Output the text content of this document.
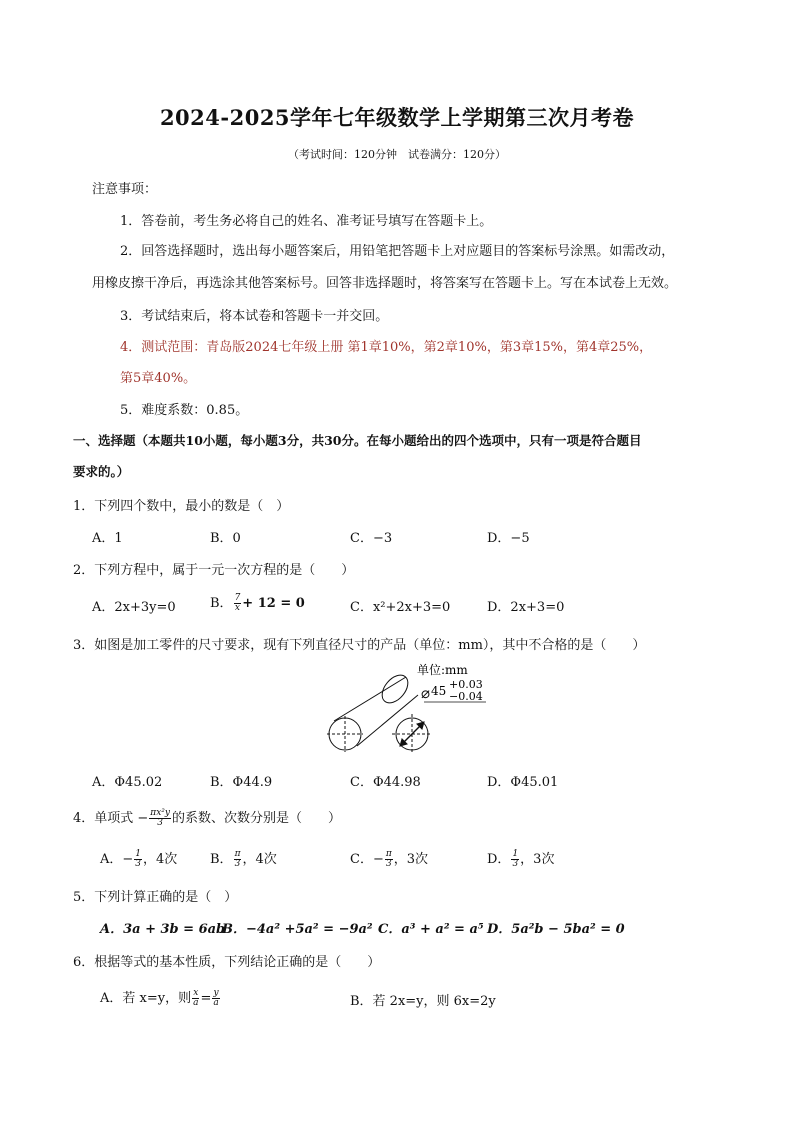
2024-2025学年七年级数学上学期第三次月考卷
（考试时间：120分钟　试卷满分：120分）
注意事项：
1．答卷前，考生务必将自己的姓名、准考证号填写在答题卡上。
2．回答选择题时，选出每小题答案后，用铅笔把答题卡上对应题目的答案标号涂黑。如需改动，
用橡皮擦干净后，再选涂其他答案标号。回答非选择题时，将答案写在答题卡上。写在本试卷上无效。
3．考试结束后，将本试卷和答题卡一并交回。
4．测试范围：青岛版2024七年级上册 第1章10%，第2章10%，第3章15%，第4章25%，
第5章40%。
5．难度系数：0.85。
一、选择题（本题共10小题，每小题3分，共30分。在每小题给出的四个选项中，只有一项是符合题目
要求的。）
1．下列四个数中，最小的数是（　）
A．1	B．0	C．−3	D．−5
2．下列方程中，属于一元一次方程的是（　　）
A．2x+3y=0	B． $\frac{7}{x} + 12 = 0$	C．x²+2x+3=0	D．2x+3=0
3．如图是加工零件的尺寸要求，现有下列直径尺寸的产品（单位：mm），其中不合格的是（　　）
单位:mm
⌀ 45 +0.03
−0.04
A．Φ45.02	B．Φ44.9	C．Φ44.98	D．Φ45.01
4．单项式 − $\frac{\text{πx²y}}{3}$ 的系数、次数分别是（　　）
A．− $\frac{1}{3}$ ，4次	B． $\frac{\pi}{3}$ ，4次	C．− $\frac{\pi}{3}$ ，3次	D． $\frac{1}{3}$ ，3次
5．下列计算正确的是（　）
A．3a + 3b = 6ab
B．−4a² +5a² = −9a² C．a³ + a² = a⁵ D．5a²b − 5ba² = 0
6．根据等式的基本性质，下列结论正确的是（　　）
A．若 x=y，则 $\frac{x}{a} = \frac{y}{a}$	B．若 2x=y，则 6x=2y
